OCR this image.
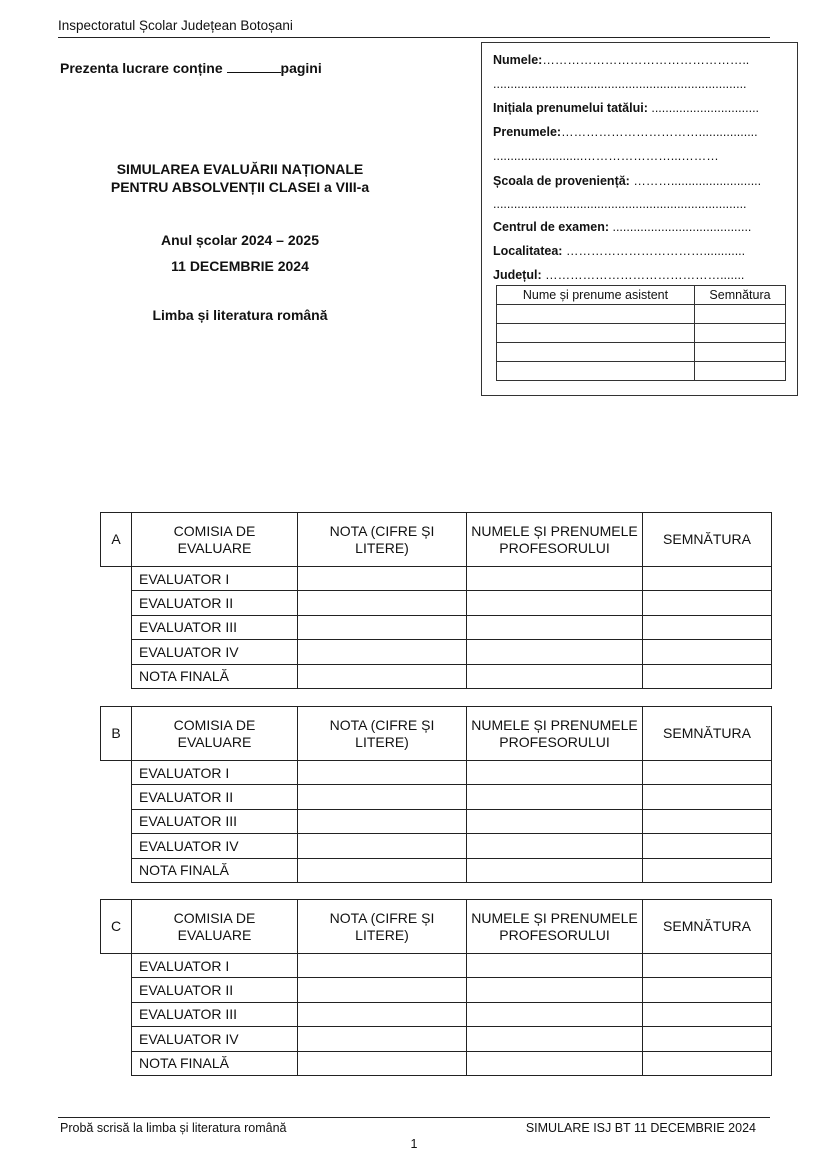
Inspectoratul Școlar Județean Botoșani
Prezenta lucrare conține	pagini
SIMULAREA EVALUĂRII NAȚIONALE
PENTRU ABSOLVENȚII CLASEI a VIII-a
Anul școlar 2024 – 2025
11 DECEMBRIE 2024
Limba și literatura română
Numele:…………………………………………..
.........................................................................
Inițiala prenumelui tatălui: ...............................
Prenumele:…………………………….................
..........................…………………...………
Școala de proveniență: ………..........................
.........................................................................
Centrul de examen: ........................................
Localitatea: ……………………………............
Județul: …………………………………….......
Nume și prenume asistent	Semnătura

A	COMISIA DE EVALUARE	NOTA (CIFRE ȘI LITERE)	NUMELE ȘI PRENUMELE PROFESORULUI	SEMNĂTURA
	EVALUATOR I			
	EVALUATOR II			
	EVALUATOR III			
	EVALUATOR IV			
	NOTA FINALĂ			
B	COMISIA DE EVALUARE	NOTA (CIFRE ȘI LITERE)	NUMELE ȘI PRENUMELE PROFESORULUI	SEMNĂTURA
	EVALUATOR I			
	EVALUATOR II			
	EVALUATOR III			
	EVALUATOR IV			
	NOTA FINALĂ			
C	COMISIA DE EVALUARE	NOTA (CIFRE ȘI LITERE)	NUMELE ȘI PRENUMELE PROFESORULUI	SEMNĂTURA
	EVALUATOR I			
	EVALUATOR II			
	EVALUATOR III			
	EVALUATOR IV			
	NOTA FINALĂ			
Probă scrisă la limba și literatura română	SIMULARE ISJ BT 11 DECEMBRIE 2024
1
